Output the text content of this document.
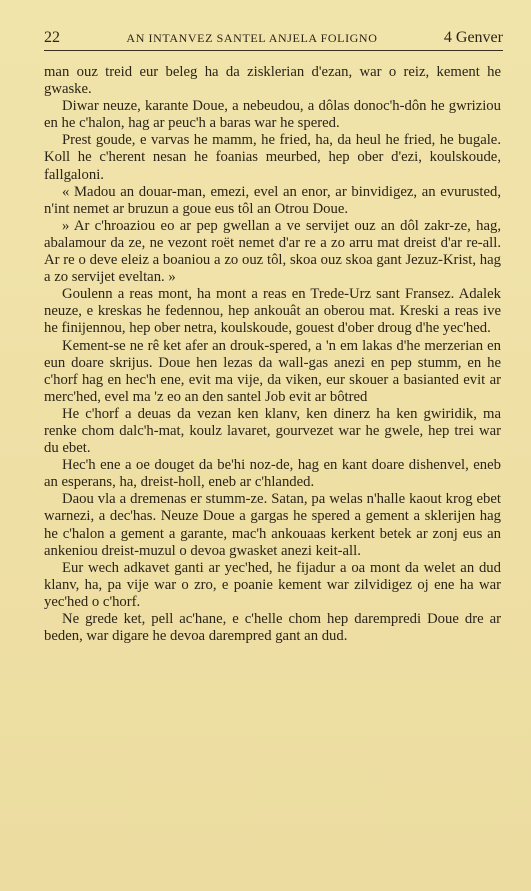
22	AN INTANVEZ SANTEL ANJELA FOLIGNO	4 Genver

man ouz treid eur beleg ha da zisklerian d'ezan, war o reiz, kement he gwaske.

Diwar neuze, karante Doue, a nebeudou, a dôlas donoc'h-dôn he gwriziou en he c'halon, hag ar peuc'h a baras war he spered.

Prest goude, e varvas he mamm, he fried, ha, da heul he fried, he bugale. Koll he c'herent nesan he foanias meurbed, hep ober d'ezi, koulskoude, fallgaloni.

« Madou an douar-man, emezi, evel an enor, ar binvidigez, an evurusted, n'int nemet ar bruzun a goue eus tôl an Otrou Doue.

» Ar c'hroaziou eo ar pep gwellan a ve servijet ouz an dôl zakr-ze, hag, abalamour da ze, ne vezont roët nemet d'ar re a zo arru mat dreist d'ar re-all. Ar re o deve eleiz a boaniou a zo ouz tôl, skoa ouz skoa gant Jezuz-Krist, hag a zo servijet eveltan. »

Goulenn a reas mont, ha mont a reas en Trede-Urz sant Fransez. Adalek neuze, e kreskas he fedennou, hep ankouât an oberou mat. Kreski a reas ive he finijennou, hep ober netra, koulskoude, gouest d'ober droug d'he yec'hed.

Kement-se ne rê ket afer an drouk-spered, a 'n em lakas d'he merzerian en eun doare skrijus. Doue hen lezas da wall-gas anezi en pep stumm, en he c'horf hag en hec'h ene, evit ma vije, da viken, eur skouer a basianted evit ar merc'hed, evel ma 'z eo an den santel Job evit ar bôtred

He c'horf a deuas da vezan ken klanv, ken dinerz ha ken gwiridik, ma renke chom dalc'h-mat, koulz lavaret, gourvezet war he gwele, hep trei war du ebet.

Hec'h ene a oe douget da be'hi noz-de, hag en kant doare dishenvel, eneb an esperans, ha, dreist-holl, eneb ar c'hlanded.

Daou vla a dremenas er stumm-ze. Satan, pa welas n'halle kaout krog ebet warnezi, a dec'has. Neuze Doue a gargas he spered a gement a sklerijen hag he c'halon a gement a garante, mac'h ankouaas kerkent betek ar zonj eus an ankeniou dreist-muzul o devoa gwasket anezi keit-all.

Eur wech adkavet ganti ar yec'hed, he fijadur a oa mont da welet an dud klanv, ha, pa vije war o zro, e poanie kement war zilvidigez oj ene ha war yec'hed o c'horf.

Ne grede ket, pell ac'hane, e c'helle chom hep darempredi Doue dre ar beden, war digare he devoa darempred gant an dud.
